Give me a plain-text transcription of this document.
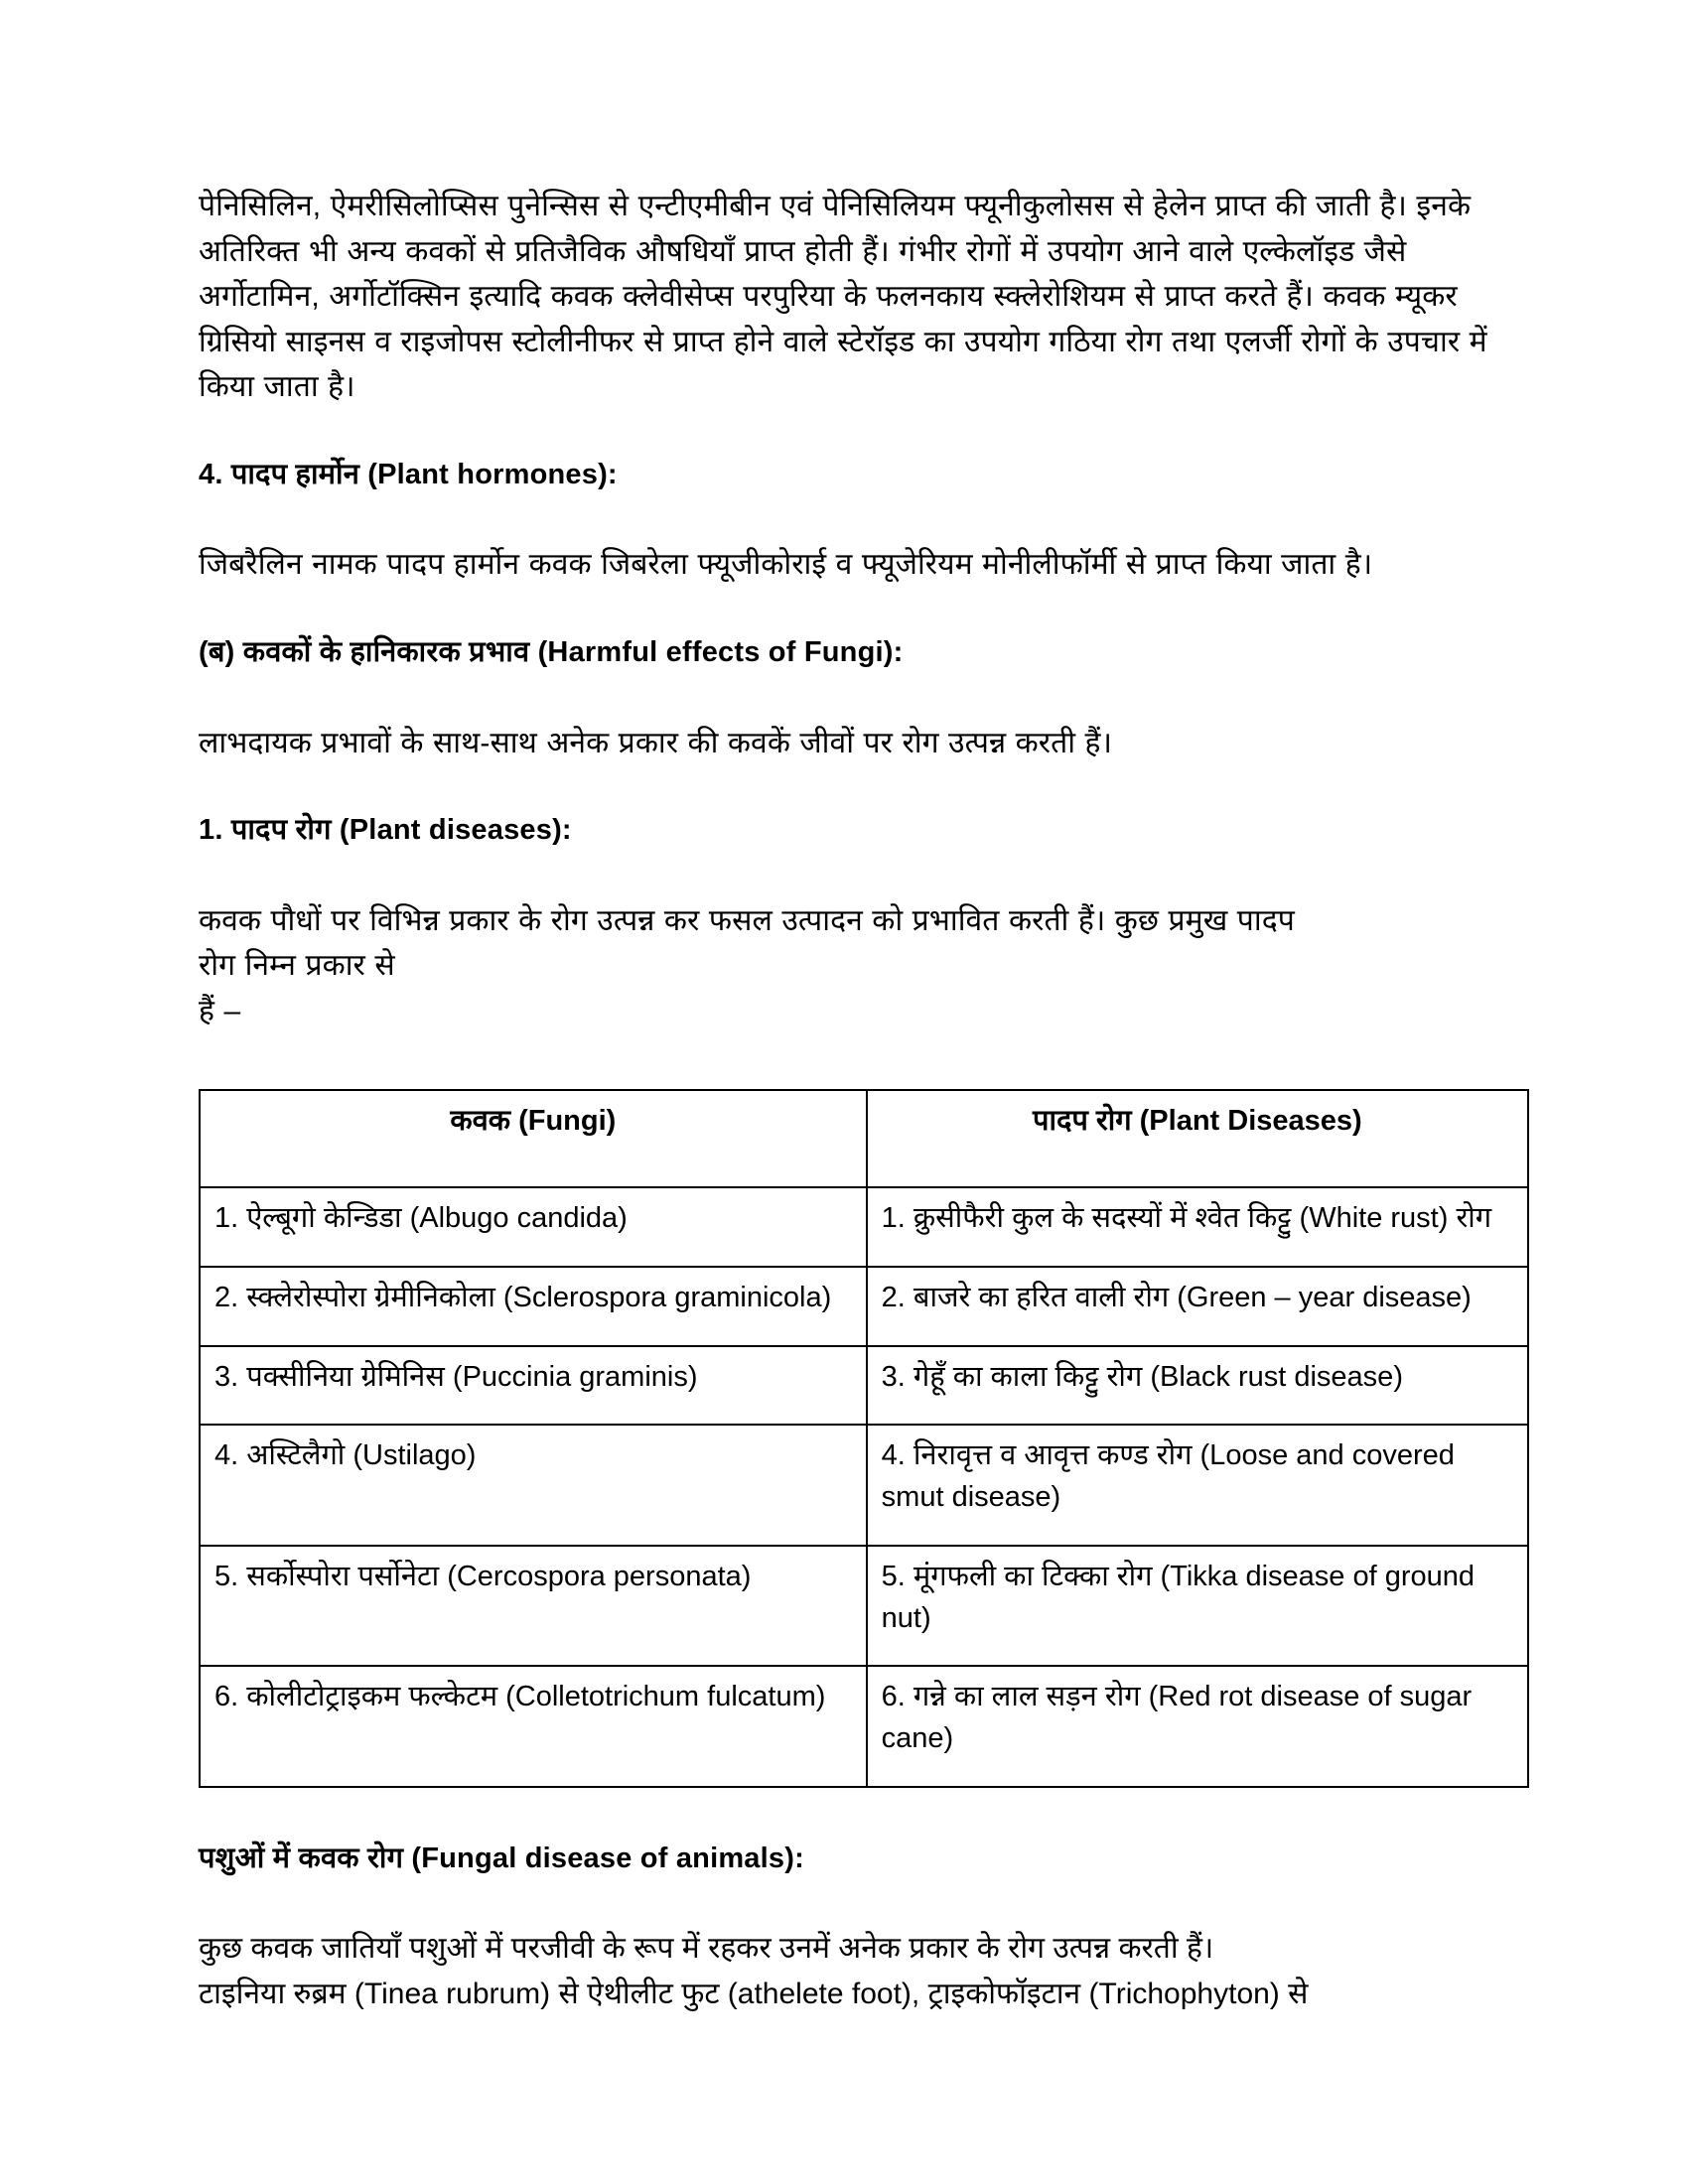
पेनिसिलिन, ऐमरीसिलोप्सिस पुनेन्सिस से एन्टीएमीबीन एवं पेनिसिलियम फ्यूनीकुलोसस से हेलेन प्राप्त की जाती है। इनके अतिरिक्त भी अन्य कवकों से प्रतिजैविक औषधियाँ प्राप्त होती हैं। गंभीर रोगों में उपयोग आने वाले एल्केलॉइड जैसे अर्गोटामिन, अर्गोटॉक्सिन इत्यादि कवक क्लेवीसेप्स परपुरिया के फलनकाय स्क्लेरोशियम से प्राप्त करते हैं। कवक म्यूकर ग्रिसियो साइनस व राइजोपस स्टोलीनीफर से प्राप्त होने वाले स्टेरॉइड का उपयोग गठिया रोग तथा एलर्जी रोगों के उपचार में किया जाता है।

4. पादप हार्मोन (Plant hormones):

जिबरैलिन नामक पादप हार्मोन कवक जिबरेला फ्यूजीकोराई व फ्यूजेरियम मोनीलीफॉर्मी से प्राप्त किया जाता है।

(ब) कवकों के हानिकारक प्रभाव (Harmful effects of Fungi):

लाभदायक प्रभावों के साथ-साथ अनेक प्रकार की कवकें जीवों पर रोग उत्पन्न करती हैं।

1. पादप रोग (Plant diseases):

कवक पौधों पर विभिन्न प्रकार के रोग उत्पन्न कर फसल उत्पादन को प्रभावित करती हैं। कुछ प्रमुख पादप

रोग निम्न प्रकार से

हैं –

कवक (Fungi)	पादप रोग (Plant Diseases)
1. ऐल्बूगो केन्डिडा (Albugo candida)	1. क्रुसीफैरी कुल के सदस्यों में श्वेत किट्टु (White rust) रोग
2. स्क्लेरोस्पोरा ग्रेमीनिकोला (Sclerospora graminicola)	2. बाजरे का हरित वाली रोग (Green – year disease)
3. पक्सीनिया ग्रेमिनिस (Puccinia graminis)	3. गेहूँ का काला किट्टु रोग (Black rust disease)
4. अस्टिलैगो (Ustilago)	4. निरावृत्त व आवृत्त कण्ड रोग (Loose and covered smut disease)
5. सर्कोस्पोरा पर्सोनेटा (Cercospora personata)	5. मूंगफली का टिक्का रोग (Tikka disease of ground nut)
6. कोलीटोट्राइकम फल्केटम (Colletotrichum fulcatum)	6. गन्ने का लाल सड़न रोग (Red rot disease of sugar cane)
पशुओं में कवक रोग (Fungal disease of animals):

कुछ कवक जातियाँ पशुओं में परजीवी के रूप में रहकर उनमें अनेक प्रकार के रोग उत्पन्न करती हैं।

टाइनिया रुब्रम (Tinea rubrum) से ऐथीलीट फुट (athelete foot), ट्राइकोफॉइटान (Trichophyton) से
